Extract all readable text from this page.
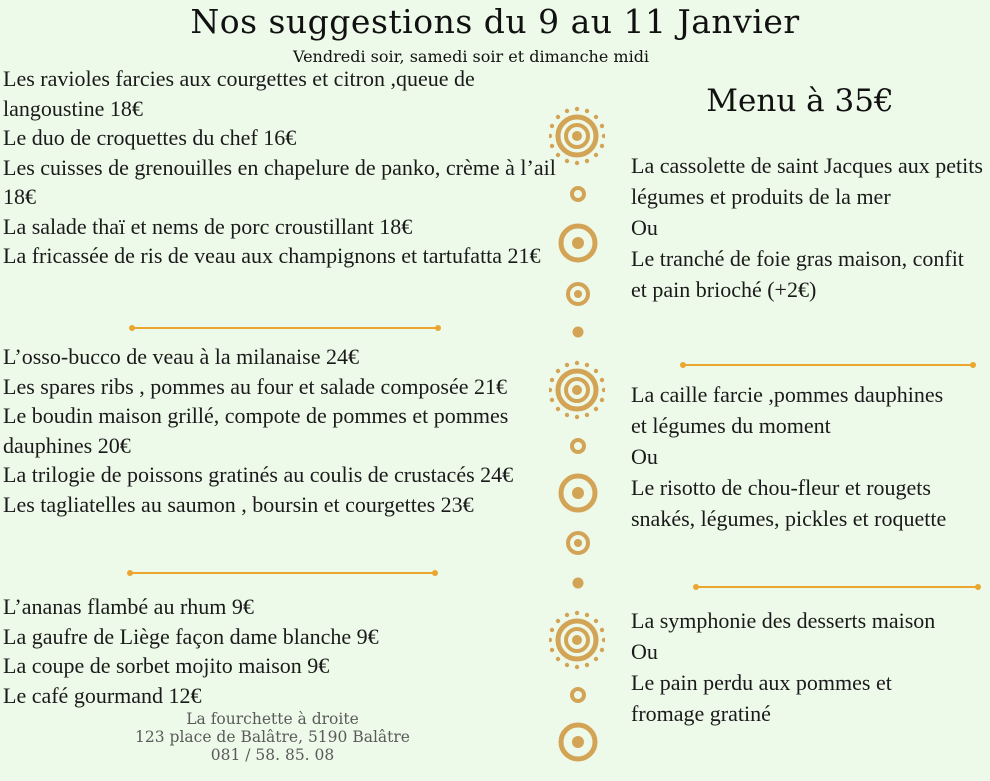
Nos suggestions du 9 au 11 Janvier
Vendredi soir, samedi soir et dimanche midi
Les ravioles farcies aux courgettes et citron ,queue de langoustine 18€
Le duo de croquettes du chef 16€
Les cuisses de grenouilles en chapelure de panko, crème à l’ail 18€
La salade thaï et nems de porc croustillant 18€
La fricassée de ris de veau aux champignons et tartufatta 21€
L’osso-bucco de veau à la milanaise 24€
Les spares ribs , pommes au four et salade composée 21€
Le boudin maison grillé, compote de pommes et pommes dauphines 20€
La trilogie de poissons gratinés au coulis de crustacés 24€
Les tagliatelles au saumon , boursin et courgettes 23€
L’ananas flambé au rhum 9€
La gaufre de Liège façon dame blanche 9€
La coupe de sorbet mojito maison 9€
Le café gourmand 12€
La fourchette à droite
123 place de Balâtre, 5190 Balâtre
081 / 58. 85. 08
Menu à 35€
La cassolette de saint Jacques aux petits légumes et produits de la mer
Ou
Le tranché de foie gras maison, confit et pain brioché (+2€)
La caille farcie ,pommes dauphines et légumes du moment
Ou
Le risotto de chou-fleur et rougets snakés, légumes, pickles et roquette
La symphonie des desserts maison
Ou
Le pain perdu aux pommes et fromage gratiné
